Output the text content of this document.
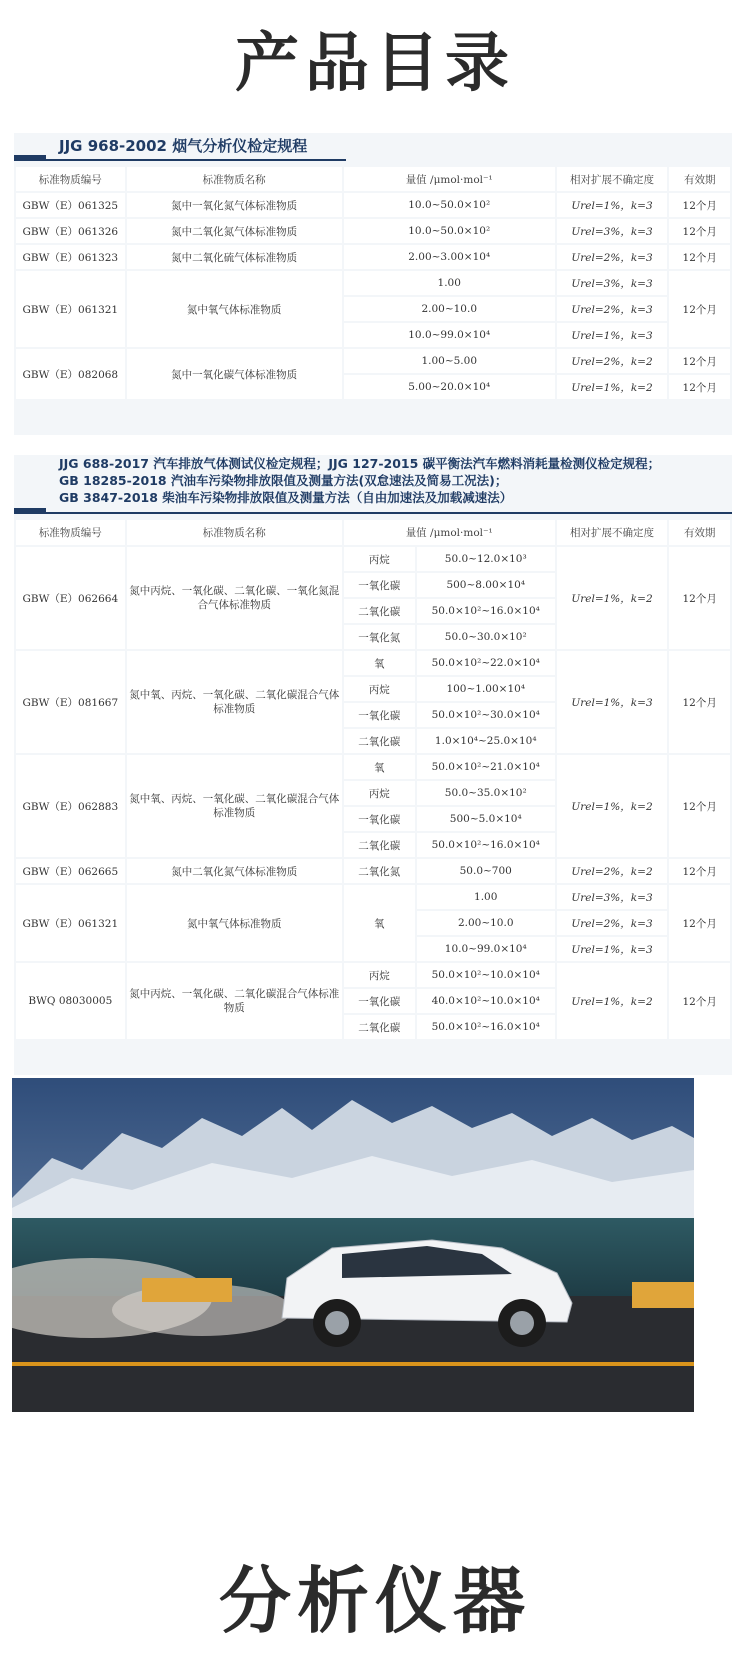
产品目录
JJG 968-2002 烟气分析仪检定规程
标准物质编号	标准物质名称	量值 /μmol·mol⁻¹	相对扩展不确定度	有效期
GBW（E）061325	氮中一氧化氮气体标准物质	10.0~50.0×10²	Urel=1%，k=3	12个月
GBW（E）061326	氮中二氧化氮气体标准物质	10.0~50.0×10²	Urel=3%，k=3	12个月
GBW（E）061323	氮中二氧化硫气体标准物质	2.00~3.00×10⁴	Urel=2%，k=3	12个月
GBW（E）061321	氮中氧气体标准物质	1.00	Urel=3%，k=3	12个月
		2.00~10.0	Urel=2%，k=3	
		10.0~99.0×10⁴	Urel=1%，k=3	
GBW（E）082068	氮中一氧化碳气体标准物质	1.00~5.00	Urel=2%，k=2	12个月
		5.00~20.0×10⁴	Urel=1%，k=2	12个月
JJG 688-2017 汽车排放气体测试仪检定规程；JJG 127-2015 碳平衡法汽车燃料消耗量检测仪检定规程；
GB 18285-2018 汽油车污染物排放限值及测量方法(双怠速法及简易工况法)；
GB 3847-2018 柴油车污染物排放限值及测量方法（自由加速法及加载减速法）
标准物质编号	标准物质名称	量值 /μmol·mol⁻¹		相对扩展不确定度	有效期
GBW（E）062664	氮中丙烷、一氧化碳、二氧化碳、一氧化氮混合气体标准物质	丙烷	50.0~12.0×10³	Urel=1%，k=2	12个月
		一氧化碳	500~8.00×10⁴		
		二氧化碳	50.0×10²~16.0×10⁴		
		一氧化氮	50.0~30.0×10²		
GBW（E）081667	氮中氧、丙烷、一氧化碳、二氧化碳混合气体标准物质	氧	50.0×10²~22.0×10⁴	Urel=1%，k=3	12个月
		丙烷	100~1.00×10⁴		
		一氧化碳	50.0×10²~30.0×10⁴		
		二氧化碳	1.0×10⁴~25.0×10⁴		
GBW（E）062883	氮中氧、丙烷、一氧化碳、二氧化碳混合气体标准物质	氧	50.0×10²~21.0×10⁴	Urel=1%，k=2	12个月
		丙烷	50.0~35.0×10²		
		一氧化碳	500~5.0×10⁴		
		二氧化碳	50.0×10²~16.0×10⁴		
GBW（E）062665	氮中二氧化氮气体标准物质	二氧化氮	50.0~700	Urel=2%，k=2	12个月
GBW（E）061321	氮中氧气体标准物质	氧	1.00	Urel=3%，k=3	12个月
			2.00~10.0	Urel=2%，k=3	
			10.0~99.0×10⁴	Urel=1%，k=3	
BWQ 08030005	氮中丙烷、一氧化碳、二氧化碳混合气体标准物质	丙烷	50.0×10²~10.0×10⁴	Urel=1%，k=2	12个月
		一氧化碳	40.0×10²~10.0×10⁴		
		二氧化碳	50.0×10²~16.0×10⁴		
分析仪器
